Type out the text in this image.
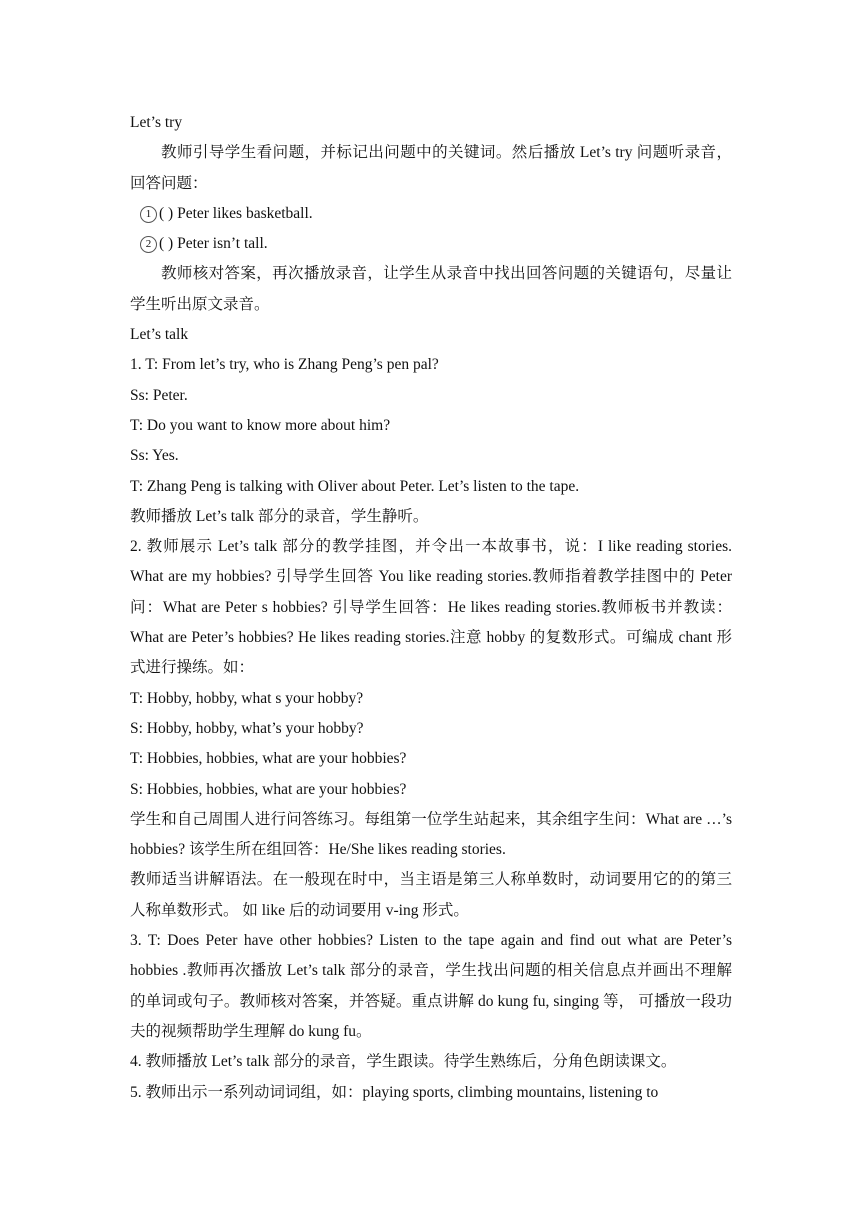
Let’s try

教师引导学生看问题，并标记出问题中的关键词。然后播放 Let’s try 问题听录音，回答问题：

1 ( ) Peter likes basketball.

2 ( ) Peter isn’t tall.

教师核对答案，再次播放录音，让学生从录音中找出回答问题的关键语句，尽量让学生听出原文录音。

Let’s talk

1. T: From let’s try, who is Zhang Peng’s pen pal?

Ss: Peter.

T: Do you want to know more about him?

Ss: Yes.

T: Zhang Peng is talking with Oliver about Peter. Let’s listen to the tape.

教师播放 Let’s talk 部分的录音，学生静听。

2. 教师展示 Let’s talk 部分的教学挂图，并令出一本故事书，说：I like reading stories. What are my hobbies? 引导学生回答 You like reading stories.教师指着教学挂图中的 Peter 问：What are Peter s hobbies? 引导学生回答：He likes reading stories.教师板书并教读：What are Peter’s hobbies? He likes reading stories.注意 hobby 的复数形式。可编成 chant 形式进行操练。如：

T: Hobby, hobby, what s your hobby?

S: Hobby, hobby, what’s your hobby?

T: Hobbies, hobbies, what are your hobbies?

S: Hobbies, hobbies, what are your hobbies?

学生和自己周围人进行问答练习。每组第一位学生站起来，其余组字生问：What are …’s hobbies? 该学生所在组回答：He/She likes reading stories.

教师适当讲解语法。在一般现在时中，当主语是第三人称单数时，动词要用它的的第三人称单数形式。 如 like 后的动词要用 v-ing 形式。

3. T: Does Peter have other hobbies? Listen to the tape again and find out what are Peter’s hobbies .教师再次播放 Let’s talk 部分的录音，学生找出问题的相关信息点并画出不理解的单词或句子。教师核对答案，并答疑。重点讲解 do kung fu, singing 等， 可播放一段功夫的视频帮助学生理解 do kung fu。

4. 教师播放 Let’s talk 部分的录音，学生跟读。待学生熟练后，分角色朗读课文。

5. 教师出示一系列动词词组，如：playing sports, climbing mountains, listening to
